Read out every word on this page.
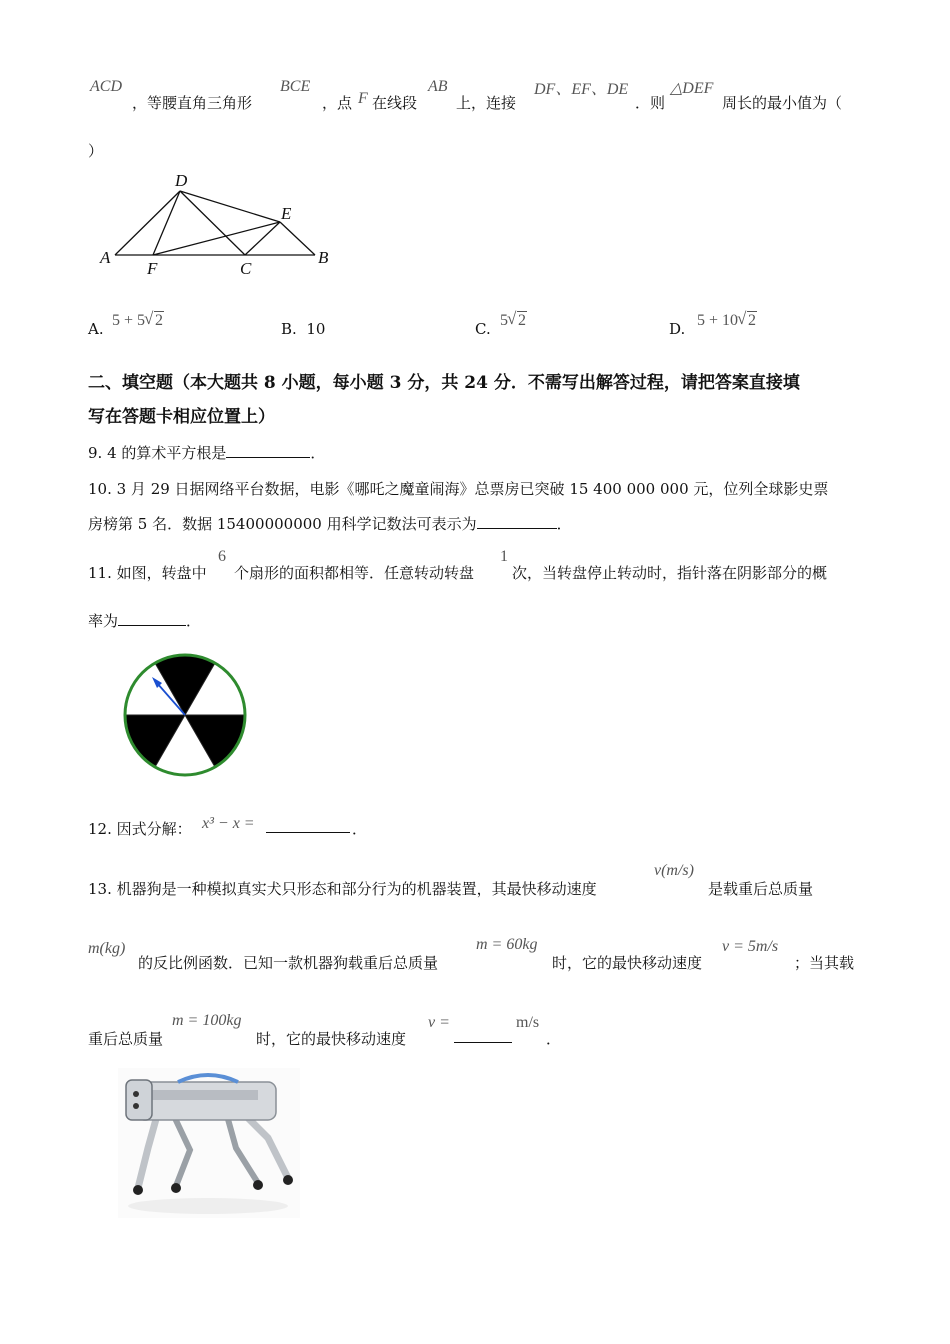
ACD
，等腰直角三角形
BCE
，点 F 在线段
AB
上，连接
DF、EF、DE
．则
△DEF
周长的最小值为（
）
D
E
A
F	C
B
A. 5 + 5 √ 2	B. 10	C. 5 √ 2	D. 5 + 10 √ 2
二、填空题（本大题共 8 小题，每小题 3 分，共 24 分．不需写出解答过程，请把答案直接填
写在答题卡相应位置上）
9. 4 的算术平方根是	．
10. 3 月 29 日据网络平台数据，电影《哪吒之魔童闹海》总票房已突破 15 400 000 000 元，位列全球影史票
房榜第 5 名．数据 15400000000 用科学记数法可表示为	．
11. 如图，转盘中
6
个扇形的面积都相等．任意转动转盘
1
次，当转盘停止转动时，指针落在阴影部分的概
率为	．
12. 因式分解： x³ − x =	．
13. 机器狗是一种模拟真实犬只形态和部分行为的机器装置，其最快移动速度
v(m/s)
是载重后总质量
m(kg)
的反比例函数．已知一款机器狗载重后总质量
m = 60kg
时，它的最快移动速度
v = 5m/s
；当其载
重后总质量
m = 100kg
时，它的最快移动速度
v =	m/s
．
